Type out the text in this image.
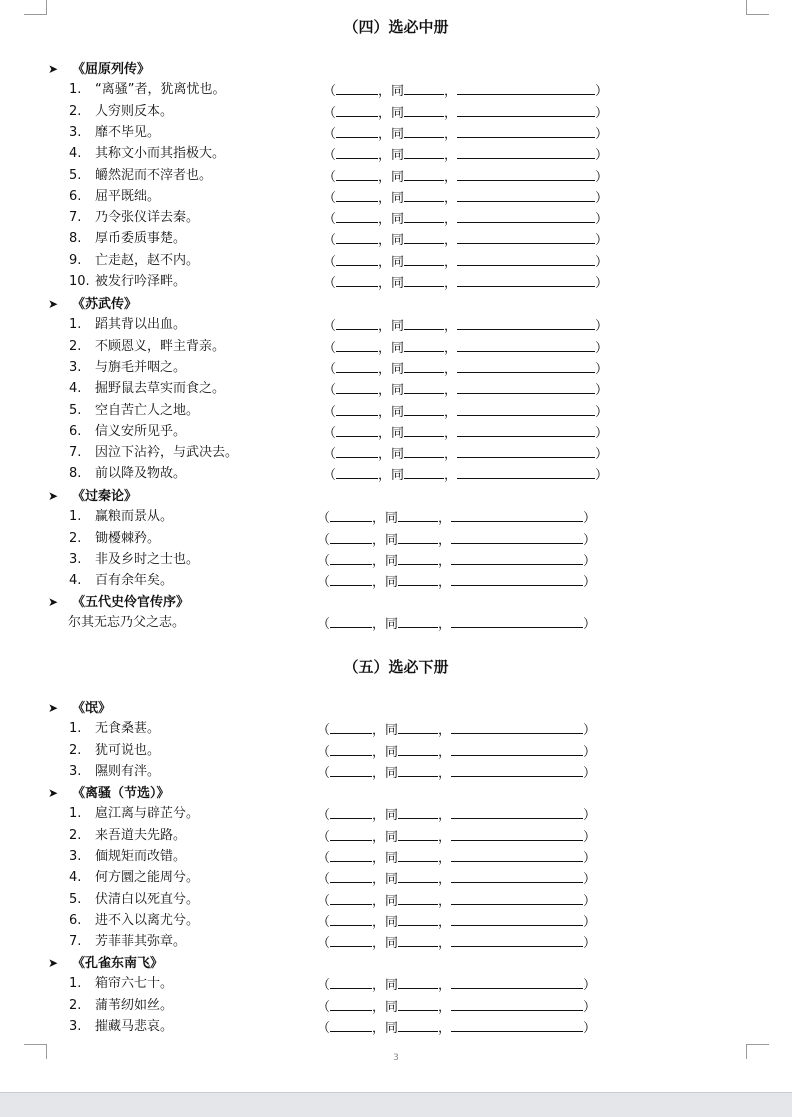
（四）选必中册
（五）选必下册
➤ 《屈原列传》
1. “离骚”者，犹离忧也。	（	，同	，	）
2. 人穷则反本。	（	，同	，	）
3. 靡不毕见。	（	，同	，	）
4. 其称文小而其指极大。	（	，同	，	）
5. 皭然泥而不滓者也。	（	，同	，	）
6. 屈平既绌。	（	，同	，	）
7. 乃令张仪详去秦。	（	，同	，	）
8. 厚币委质事楚。	（	，同	，	）
9. 亡走赵，赵不内。	（	，同	，	）
10. 被发行吟泽畔。	（	，同	，	）
➤ 《苏武传》
1. 蹈其背以出血。	（	，同	，	）
2. 不顾恩义，畔主背亲。	（	，同	，	）
3. 与旃毛并咽之。	（	，同	，	）
4. 掘野鼠去草实而食之。	（	，同	，	）
5. 空自苦亡人之地。	（	，同	，	）
6. 信义安所见乎。	（	，同	，	）
7. 因泣下沾衿，与武决去。	（	，同	，	）
8. 前以降及物故。	（	，同	，	）
➤ 《过秦论》
1. 赢粮而景从。	（	，同	，	）
2. 锄櫌棘矜。	（	，同	，	）
3. 非及乡时之士也。	（	，同	，	）
4. 百有余年矣。	（	，同	，	）
➤ 《五代史伶官传序》
尔其无忘乃父之志。	（	，同	，	）
➤ 《氓》
1. 无食桑葚。	（	，同	，	）
2. 犹可说也。	（	，同	，	）
3. 隰则有泮。	（	，同	，	）
➤ 《离骚（节选）》
1. 扈江离与辟芷兮。	（	，同	，	）
2. 来吾道夫先路。	（	，同	，	）
3. 偭规矩而改错。	（	，同	，	）
4. 何方圜之能周兮。	（	，同	，	）
5. 伏清白以死直兮。	（	，同	，	）
6. 进不入以离尤兮。	（	，同	，	）
7. 芳菲菲其弥章。	（	，同	，	）
➤ 《孔雀东南飞》
1. 箱帘六七十。	（	，同	，	）
2. 蒲苇纫如丝。	（	，同	，	）
3. 摧藏马悲哀。	（	，同	，	）
3
